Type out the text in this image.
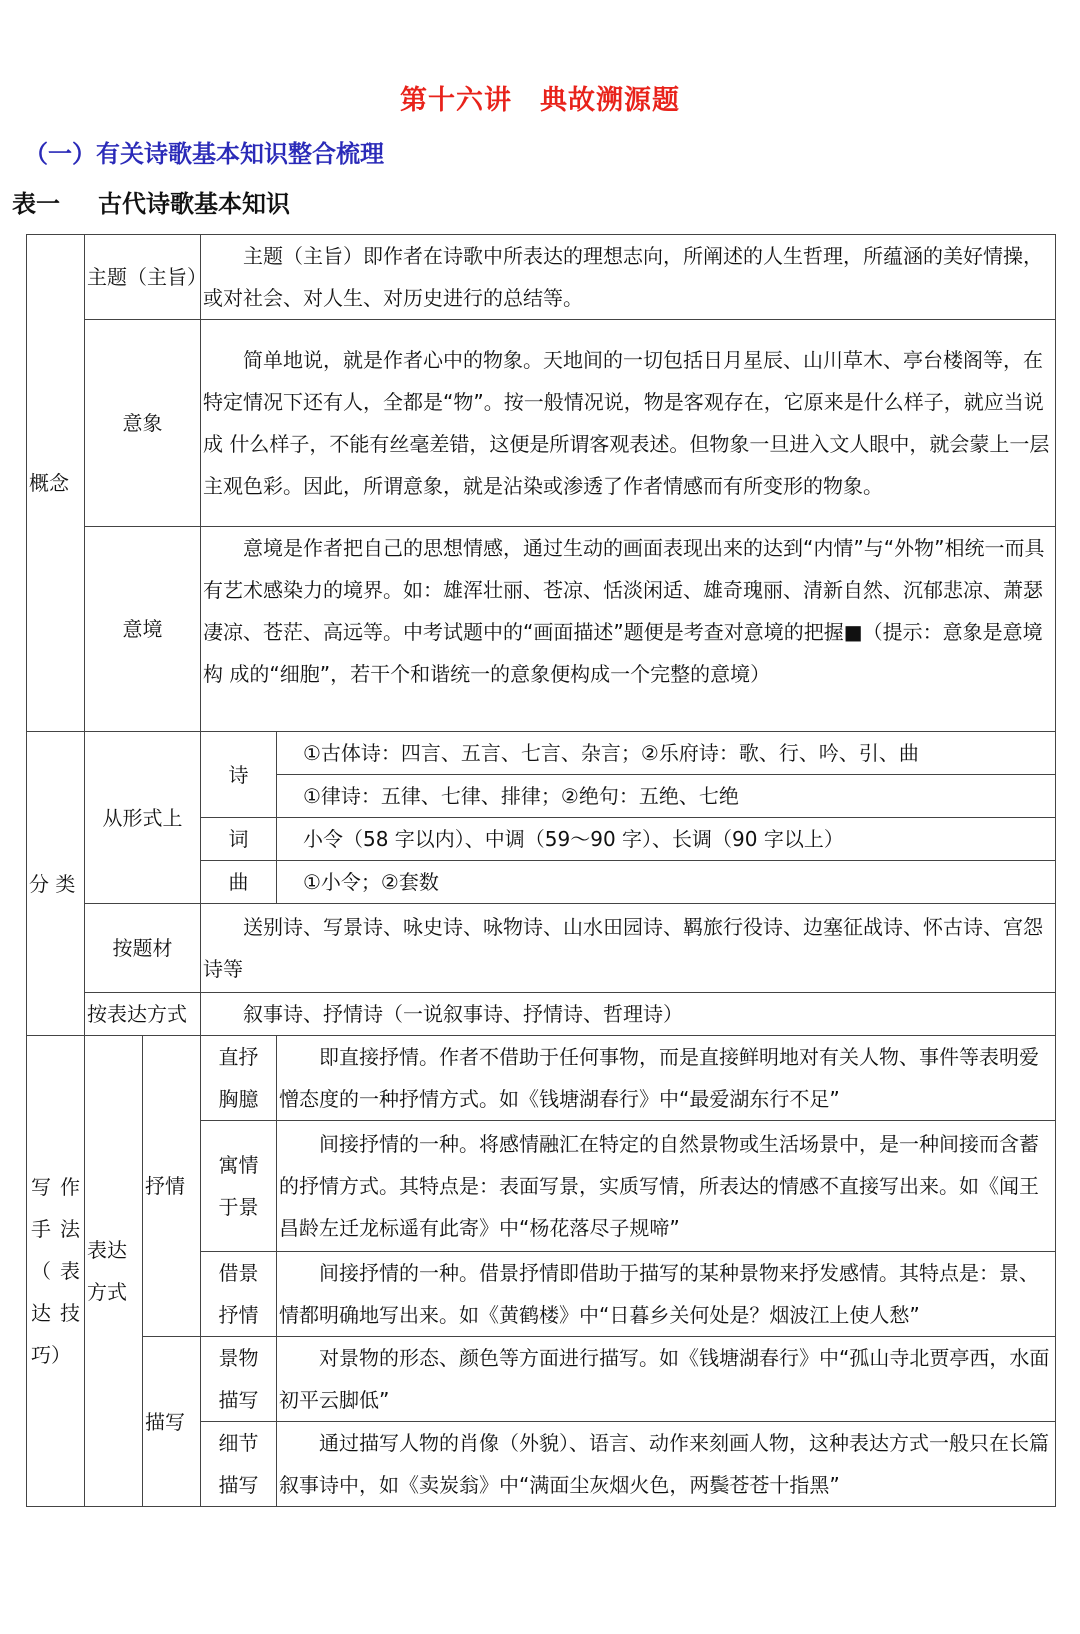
第十六讲 典故溯源题
（一）有关诗歌基本知识整合梳理
表一 古代诗歌基本知识
概念	主题（主旨）		主题（主旨）即作者在诗歌中所表达的理想志向，所阐述的人生哲理，所蕴涵的美好情操，或对社会、对人生、对历史进行的总结等。	
	意象		简单地说，就是作者心中的物象。天地间的一切包括日月星辰、山川草木、亭台楼阁等，在特定情况下还有人，全都是“物”。按一般情况说，物是客观存在，它原来是什么样子，就应当说成 什么样子，不能有丝毫差错，这便是所谓客观表述。但物象一旦进入文人眼中，就会蒙上一层主观色彩。因此，所谓意象，就是沾染或渗透了作者情感而有所变形的物象。	
	意境		意境是作者把自己的思想情感，通过生动的画面表现出来的达到“内情”与“外物”相统一而具有艺术感染力的境界。如：雄浑壮丽、苍凉、恬淡闲适、雄奇瑰丽、清新自然、沉郁悲凉、萧瑟凄凉、苍茫、高远等。中考试题中的“画面描述”题便是考查对意境的把握■（提示：意象是意境构 成的“细胞”，若干个和谐统一的意象便构成一个完整的意境）	
分 类	从形式上		诗	①古体诗：四言、五言、七言、杂言；②乐府诗：歌、行、吟、引、曲
				①律诗：五律、七律、排律；②绝句：五绝、七绝
			词	小令（58 字以内）、中调（59～90 字）、长调（90 字以上）
			曲	①小令；②套数
	按题材		送别诗、写景诗、咏史诗、咏物诗、山水田园诗、羁旅行役诗、边塞征战诗、怀古诗、宫怨诗等	
	按表达方式		叙事诗、抒情诗（一说叙事诗、抒情诗、哲理诗）	
写作手法（表达技巧）	表达方式	抒情	直抒胸臆	即直接抒情。作者不借助于任何事物，而是直接鲜明地对有关人物、事件等表明爱憎态度的一种抒情方式。如《钱塘湖春行》中“最爱湖东行不足”
			寓情于景	间接抒情的一种。将感情融汇在特定的自然景物或生活场景中，是一种间接而含蓄的抒情方式。其特点是：表面写景，实质写情，所表达的情感不直接写出来。如《闻王昌龄左迁龙标遥有此寄》中“杨花落尽子规啼”
			借景抒情	间接抒情的一种。借景抒情即借助于描写的某种景物来抒发感情。其特点是：景、情都明确地写出来。如《黄鹤楼》中“日暮乡关何处是？烟波江上使人愁”
		描写	景物描写	对景物的形态、颜色等方面进行描写。如《钱塘湖春行》中“孤山寺北贾亭西，水面初平云脚低”
			细节描写	通过描写人物的肖像（外貌）、语言、动作来刻画人物，这种表达方式一般只在长篇叙事诗中，如《卖炭翁》中“满面尘灰烟火色，两鬓苍苍十指黑”
